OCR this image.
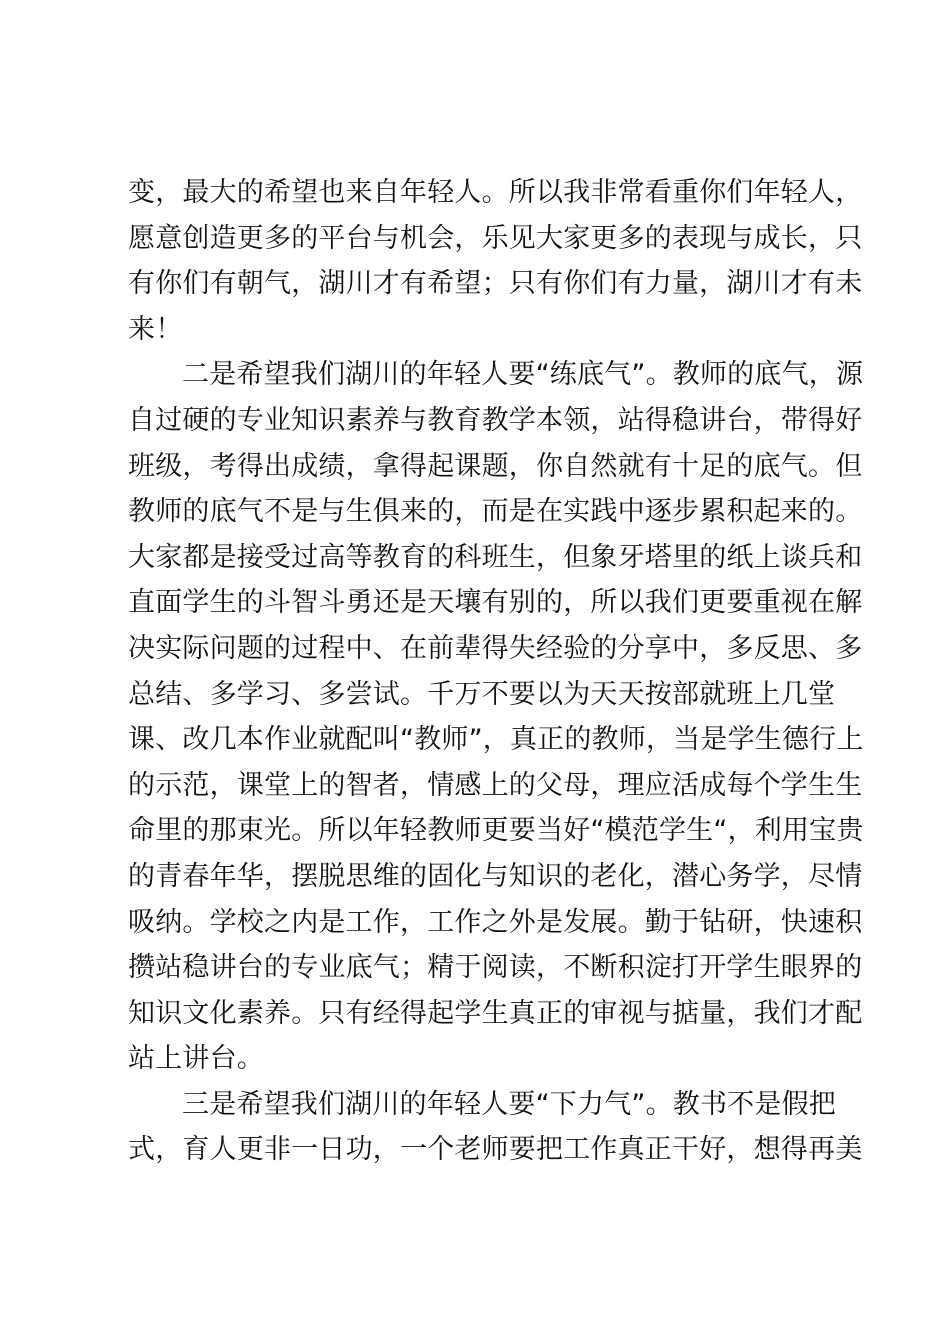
变，最大的希望也来自年轻人。所以我非常看重你们年轻人，
愿意创造更多的平台与机会，乐见大家更多的表现与成长，只
有你们有朝气，湖川才有希望；只有你们有力量，湖川才有未
来！
二是希望我们湖川的年轻人要“练底气”。教师的底气，源
自过硬的专业知识素养与教育教学本领，站得稳讲台，带得好
班级，考得出成绩，拿得起课题，你自然就有十足的底气。但
教师的底气不是与生俱来的，而是在实践中逐步累积起来的。
大家都是接受过高等教育的科班生，但象牙塔里的纸上谈兵和
直面学生的斗智斗勇还是天壤有别的，所以我们更要重视在解
决实际问题的过程中、在前辈得失经验的分享中，多反思、多
总结、多学习、多尝试。千万不要以为天天按部就班上几堂
课、改几本作业就配叫“教师”，真正的教师，当是学生德行上
的示范，课堂上的智者，情感上的父母，理应活成每个学生生
命里的那束光。所以年轻教师更要当好“模范学生“，利用宝贵
的青春年华，摆脱思维的固化与知识的老化，潜心务学，尽情
吸纳。学校之内是工作，工作之外是发展。勤于钻研，快速积
攒站稳讲台的专业底气；精于阅读，不断积淀打开学生眼界的
知识文化素养。只有经得起学生真正的审视与掂量，我们才配
站上讲台。
三是希望我们湖川的年轻人要“下力气”。教书不是假把
式，育人更非一日功，一个老师要把工作真正干好，想得再美
